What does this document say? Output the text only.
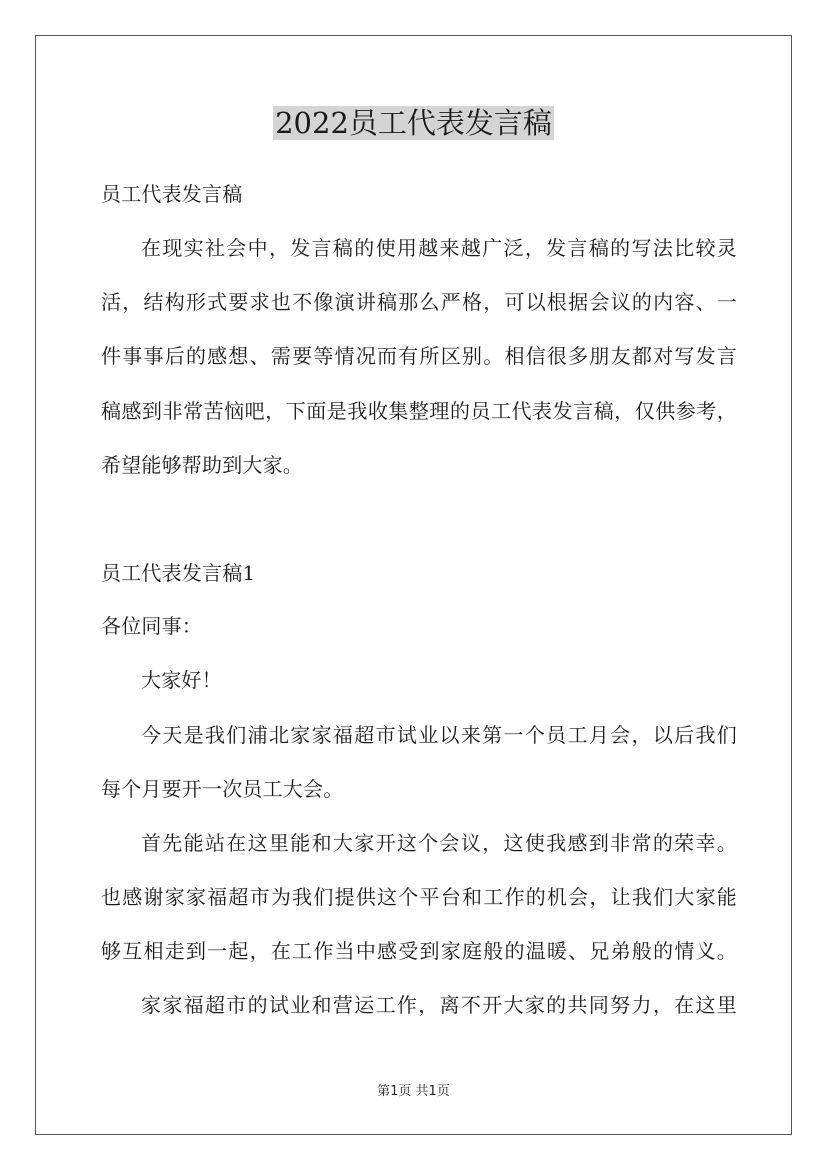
2022员工代表发言稿
员工代表发言稿
在现实社会中，发言稿的使用越来越广泛，发言稿的写法比较灵
活，结构形式要求也不像演讲稿那么严格，可以根据会议的内容、一
件事事后的感想、需要等情况而有所区别。相信很多朋友都对写发言
稿感到非常苦恼吧，下面是我收集整理的员工代表发言稿，仅供参考，
希望能够帮助到大家。
员工代表发言稿1
各位同事：
大家好！
今天是我们浦北家家福超市试业以来第一个员工月会，以后我们
每个月要开一次员工大会。
首先能站在这里能和大家开这个会议，这使我感到非常的荣幸。
也感谢家家福超市为我们提供这个平台和工作的机会，让我们大家能
够互相走到一起，在工作当中感受到家庭般的温暖、兄弟般的情义。
家家福超市的试业和营运工作，离不开大家的共同努力，在这里
第1页 共1页
